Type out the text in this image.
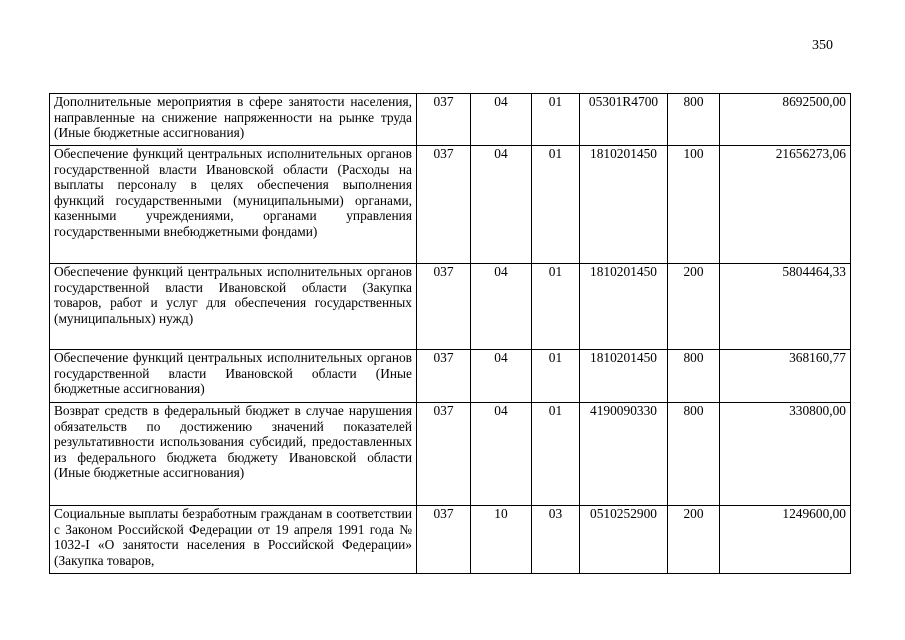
350
Дополнительные мероприятия в сфере занятости населения, направленные на снижение напряженности на рынке труда (Иные бюджетные ассигнования)	037	04	01	05301R4700	800	8692500,00
Обеспечение функций центральных исполнительных органов государственной власти Ивановской области (Расходы на выплаты персоналу в целях обеспечения выполнения функций государственными (муниципальными) органами, казенными учреждениями, органами управления государственными внебюджетными фондами)	037	04	01	1810201450	100	21656273,06
Обеспечение функций центральных исполнительных органов государственной власти Ивановской области (Закупка товаров, работ и услуг для обеспечения государственных (муниципальных) нужд)	037	04	01	1810201450	200	5804464,33
Обеспечение функций центральных исполнительных органов государственной власти Ивановской области (Иные бюджетные ассигнования)	037	04	01	1810201450	800	368160,77
Возврат средств в федеральный бюджет в случае нарушения обязательств по достижению значений показателей результативности использования субсидий, предоставленных из федерального бюджета бюджету Ивановской области (Иные бюджетные ассигнования)	037	04	01	4190090330	800	330800,00
Социальные выплаты безработным гражданам в соответствии с Законом Российской Федерации от 19 апреля 1991 года № 1032-I «О занятости населения в Российской Федерации» (Закупка товаров,	037	10	03	0510252900	200	1249600,00
